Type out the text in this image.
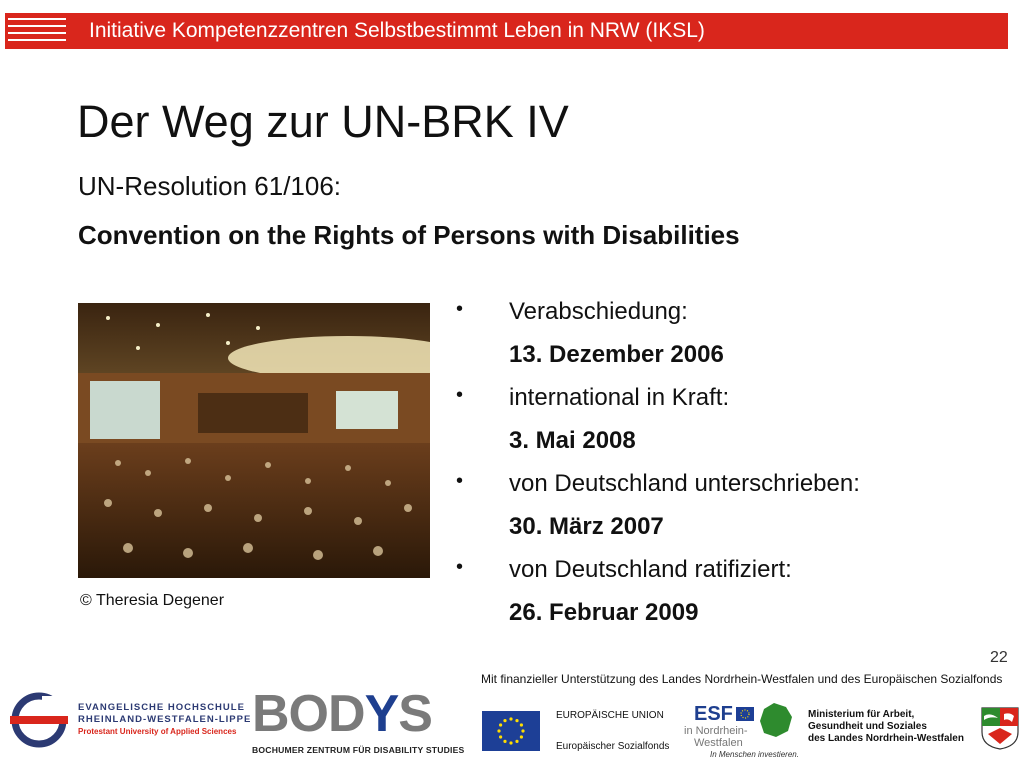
Initiative Kompetenzzentren Selbstbestimmt Leben in NRW (IKSL)
Der Weg zur UN-BRK IV
UN-Resolution 61/106:
Convention on the Rights of Persons with Disabilities
© Theresia Degener
• Verabschiedung:
13. Dezember 2006
• international in Kraft:
3. Mai 2008
• von Deutschland unterschrieben:
30. März 2007
• von Deutschland ratifiziert:
26. Februar 2009
22
Mit finanzieller Unterstützung des Landes Nordrhein-Westfalen und des Europäischen Sozialfonds
EVANGELISCHE HOCHSCHULE
RHEINLAND-WESTFALEN-LIPPE
Protestant University of Applied Sciences BODYS
BOCHUMER ZENTRUM FÜR DISABILITY STUDIES
EUROPÄISCHE UNION
Europäischer Sozialfonds
ESF
in Nordrhein-
Westfalen
In Menschen investieren.
Ministerium für Arbeit,
Gesundheit und Soziales
des Landes Nordrhein-Westfalen
